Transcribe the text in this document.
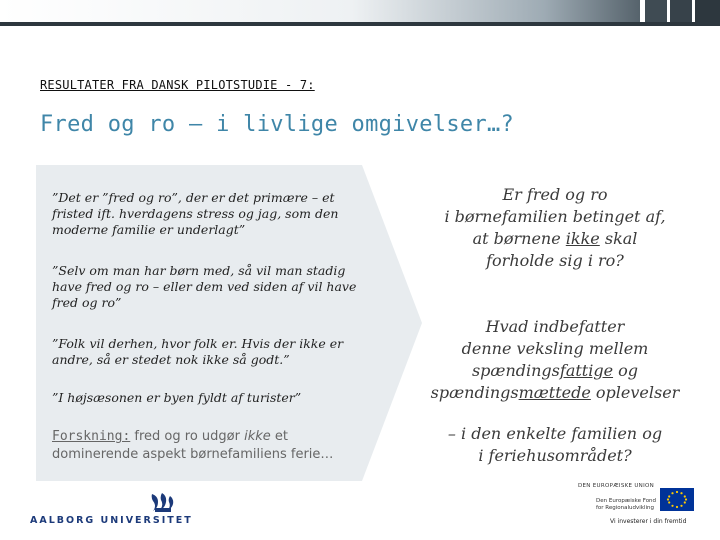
RESULTATER FRA DANSK PILOTSTUDIE - 7:
Fred og ro – i livlige omgivelser…?
”Det er ”fred og ro”, der er det primære – et fristed ift. hverdagens stress og jag, som den moderne familie er underlagt”
”Selv om man har børn med, så vil man stadig have fred og ro – eller dem ved siden af vil have fred og ro”
”Folk vil derhen, hvor folk er. Hvis der ikke er andre, så er stedet nok ikke så godt.”
”I højsæsonen er byen fyldt af turister”
Forskning: fred og ro udgør ikke et dominerende aspekt børnefamiliens ferie…
Er fred og ro
i børnefamilien betinget af,
at børnene ikke skal
forholde sig i ro?
Hvad indbefatter
denne veksling mellem
spændingsfattige og
spændingsmættede oplevelser
– i den enkelte familien og
i feriehusområdet?
AALBORG UNIVERSITET
DEN EUROPÆISKE UNION
Den Europæiske Fond for Regionaludvikling
Vi investerer i din fremtid
